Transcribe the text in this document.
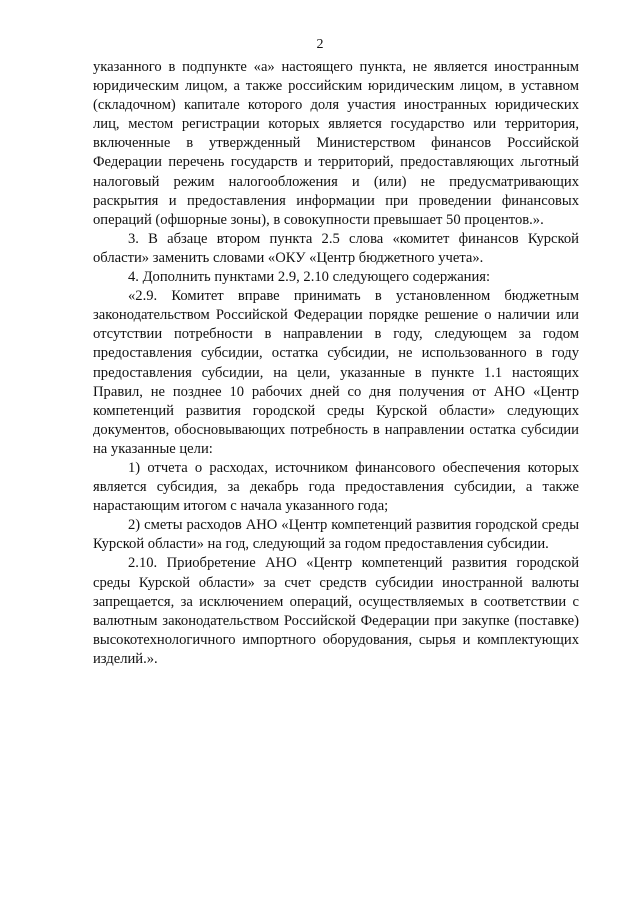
2

указанного в подпункте «а» настоящего пункта, не является иностранным юридическим лицом, а также российским юридическим лицом, в уставном (складочном) капитале которого доля участия иностранных юридических лиц, местом регистрации которых является государство или территория, включенные в утвержденный Министерством финансов Российской Федерации перечень государств и территорий, предоставляющих льготный налоговый режим налогообложения и (или) не предусматривающих раскрытия и предоставления информации при проведении финансовых операций (офшорные зоны), в совокупности превышает 50 процентов.».

3. В абзаце втором пункта 2.5 слова «комитет финансов Курской области» заменить словами «ОКУ «Центр бюджетного учета».

4. Дополнить пунктами 2.9, 2.10 следующего содержания:

«2.9. Комитет вправе принимать в установленном бюджетным законодательством Российской Федерации порядке решение о наличии или отсутствии потребности в направлении в году, следующем за годом предоставления субсидии, остатка субсидии, не использованного в году предоставления субсидии, на цели, указанные в пункте 1.1 настоящих Правил, не позднее 10 рабочих дней со дня получения от АНО «Центр компетенций развития городской среды Курской области» следующих документов, обосновывающих потребность в направлении остатка субсидии на указанные цели:

1) отчета о расходах, источником финансового обеспечения которых является субсидия, за декабрь года предоставления субсидии, а также нарастающим итогом с начала указанного года;

2) сметы расходов АНО «Центр компетенций развития городской среды Курской области» на год, следующий за годом предоставления субсидии.

2.10. Приобретение АНО «Центр компетенций развития городской среды Курской области» за счет средств субсидии иностранной валюты запрещается, за исключением операций, осуществляемых в соответствии с валютным законодательством Российской Федерации при закупке (поставке) высокотехнологичного импортного оборудования, сырья и комплектующих изделий.».
